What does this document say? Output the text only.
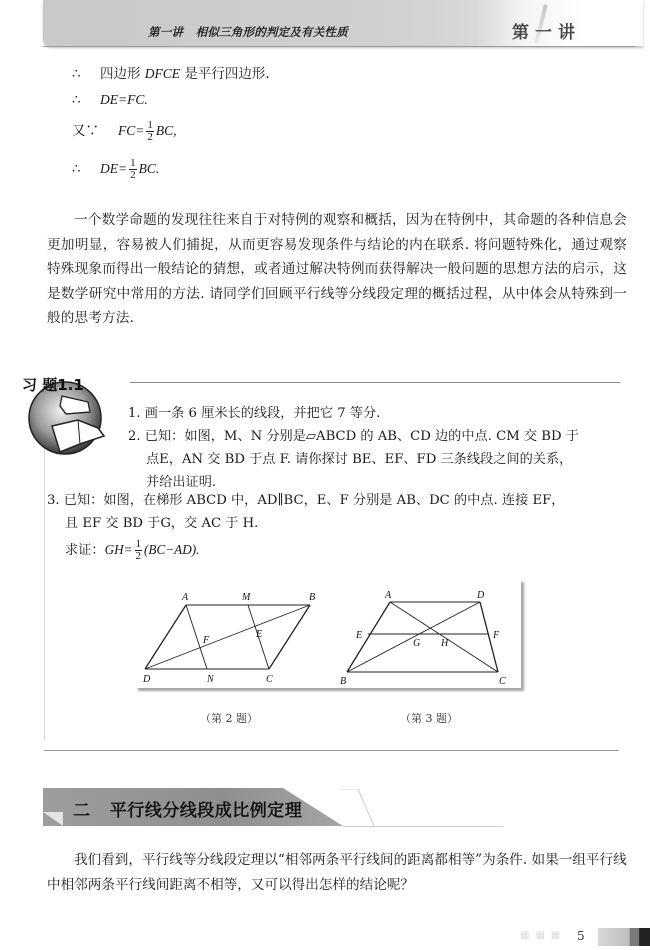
第一讲   相似三角形的判定及有关性质	第一讲
∴ 四边形 DFCE 是平行四边形.
∴ DE=FC.
又∵ $FC= \frac{1}{2}$ BC,
∴ $DE= \frac{1}{2}$ BC.
一个数学命题的发现往往来自于对特例的观察和概括，因为在特例中，其命题的各种信息会更加明显，容易被人们捕捉，从而更容易发现条件与结论的内在联系. 将问题特殊化，通过观察特殊现象而得出一般结论的猜想，或者通过解决特例而获得解决一般问题的思想方法的启示，这是数学研究中常用的方法. 请同学们回顾平行线等分线段定理的概括过程，从中体会从特殊到一般的思考方法.
习 题1.1
1. 画一条 6 厘米长的线段，并把它 7 等分.
2. 已知：如图，M、N 分别是▱ABCD 的 AB、CD 边的中点. CM 交 BD 于
点E，AN 交 BD 于点 F. 请你探讨 BE、EF、FD 三条线段之间的关系，
并给出证明.
3. 已知：如图，在梯形 ABCD 中，AD∥BC，E、F 分别是 AB、DC 的中点. 连接 EF，
且 EF 交 BD 于G，交 AC 于 H.
求证：$GH= \frac{1}{2} (BC-AD)$.
A	M	B
F
E
D	N	C
A	D
E	F
G H
B	C
（第 2 题）	（第 3 题）
二 平行线分线段成比例定理
我们看到，平行线等分线段定理以“相邻两条平行线间的距离都相等”为条件. 如果一组平行线中相邻两条平行线间距离不相等，又可以得出怎样的结论呢？
▦▦▦ 5
